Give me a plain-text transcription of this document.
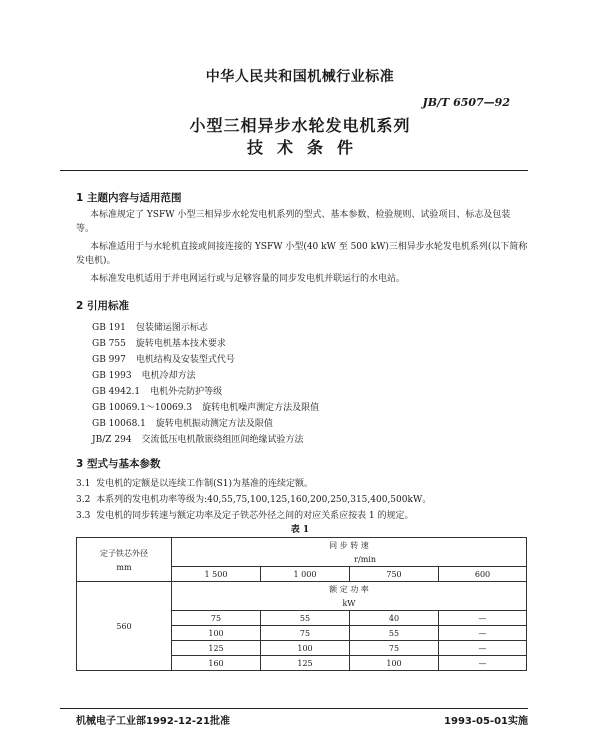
中华人民共和国机械行业标准
JB/T 6507—92
小型三相异步水轮发电机系列
技术条件
1 主题内容与适用范围
本标准规定了 YSFW 小型三相异步水轮发电机系列的型式、基本参数、检验规则、试验项目、标志及包装等。
本标准适用于与水轮机直接或间接连接的 YSFW 小型(40 kW 至 500 kW)三相异步水轮发电机系列(以下简称发电机)。
本标准发电机适用于并电网运行或与足够容量的同步发电机并联运行的水电站。
2 引用标准
GB 191 包装储运图示标志
GB 755 旋转电机基本技术要求
GB 997 电机结构及安装型式代号
GB 1993 电机冷却方法
GB 4942.1 电机外壳防护等级
GB 10069.1～10069.3 旋转电机噪声测定方法及限值
GB 10068.1 旋转电机振动测定方法及限值
JB/Z 294 交流低压电机散嵌绕组匝间绝缘试验方法
3 型式与基本参数
3.1 发电机的定额是以连续工作制(S1)为基准的连续定额。
3.2 本系列的发电机功率等级为:40,55,75,100,125,160,200,250,315,400,500kW。
3.3 发电机的同步转速与额定功率及定子铁芯外径之间的对应关系应按表 1 的规定。
表 1
定子铁芯外径
mm	同 步 转 速			
	r/min			
	1 500	1 000	750	600
560	额 定 功 率			
	kW			
	75	55	40	—
	100	75	55	—
	125	100	75	—
	160	125	100	—
机械电子工业部1992-12-21批准	1993-05-01实施
